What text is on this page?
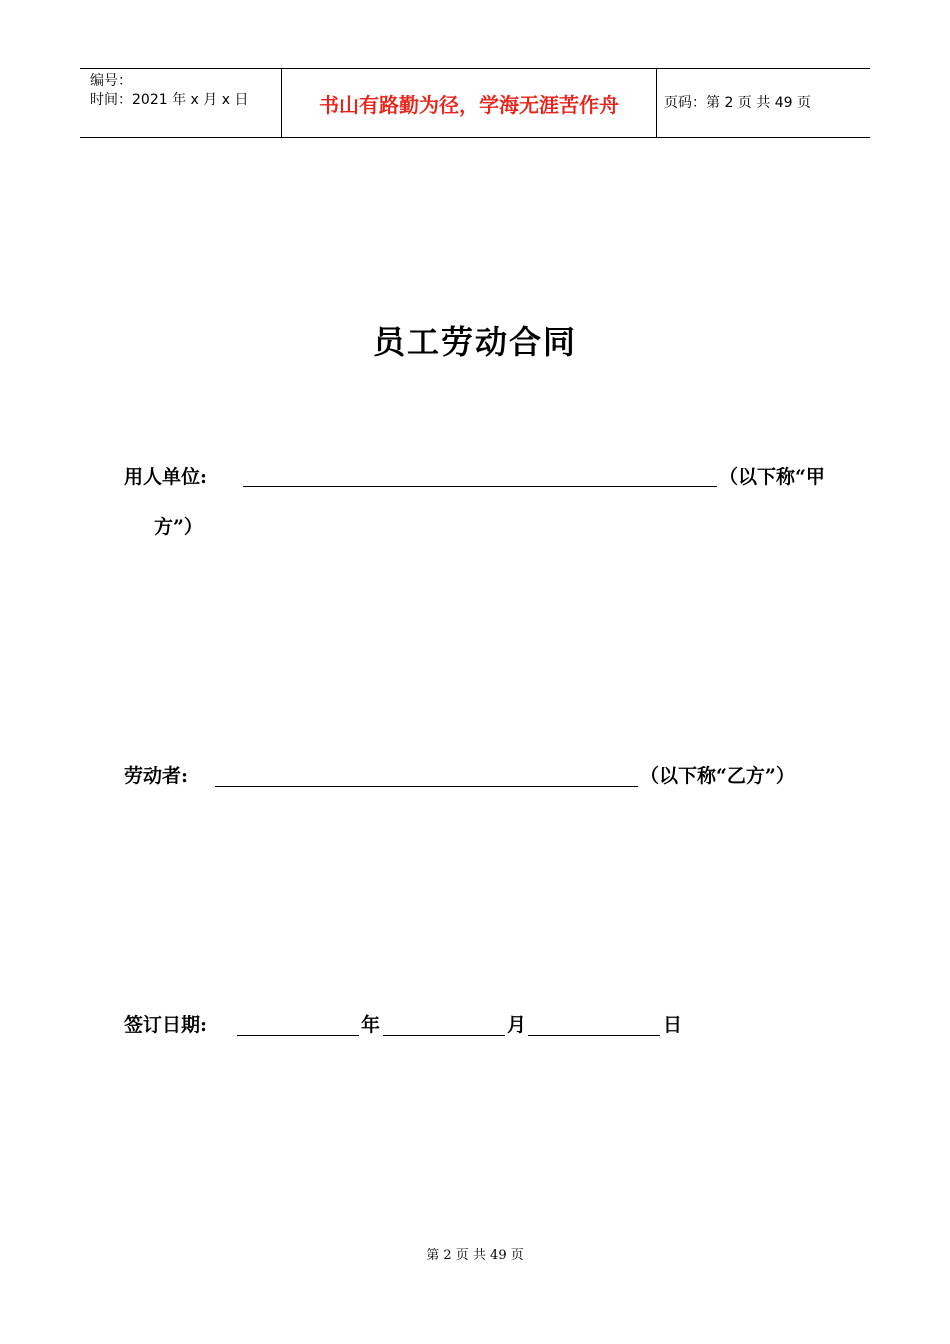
编号：
时间：2021 年 x 月 x 日	书山有路勤为径，学海无涯苦作舟	页码：第 2 页 共 49 页
员工劳动合同
用人单位:	（以下称“甲
方”）
劳动者:	（以下称“乙方”）
签订日期:	年	月	日
第 2 页 共 49 页
